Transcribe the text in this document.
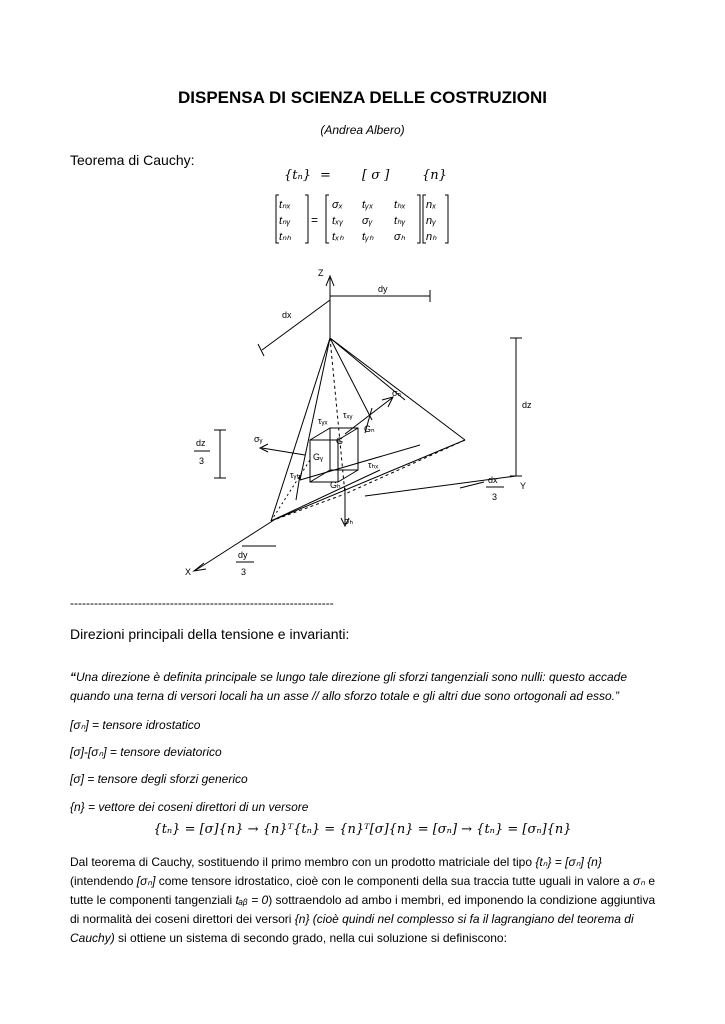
DISPENSA DI SCIENZA DELLE COSTRUZIONI
(Andrea Albero)
Teorema di Cauchy:
{tₙ} = [ σ ]	{n}
tₙₓ
tₙᵧ
tₙₕ
=
σₓ tᵧₓ tₕₓ
tₓᵧ σᵧ tₕᵧ
tₓₕ tᵧₕ σₕ
nₓ
nᵧ
nₕ
Z
Y
X
dy
dx
dz
dz
3
dx
3
dy
3
σₙ
σᵧ
σₕ
G
Gₙ
Gᵧ
Gₕ
τᵧₓ
τₓᵧ
τᵧₕ
τₕₓ
------------------------------------------------------------------
Direzioni principali della tensione e invarianti:
“Una direzione è definita principale se lungo tale direzione gli sforzi tangenziali sono nulli: questo accade quando una terna di versori locali ha un asse // allo sforzo totale e gli altri due sono ortogonali ad esso.”
[σₙ] = tensore idrostatico
[σ]-[σₙ] = tensore deviatorico
[σ] = tensore degli sforzi generico
{n} = vettore dei coseni direttori di un versore
{tₙ} = [σ]{n} → {n}ᵀ{tₙ} = {n}ᵀ[σ]{n} = [σₙ] → {tₙ} = [σₙ]{n}
Dal teorema di Cauchy, sostituendo il primo membro con un prodotto matriciale del tipo {tₙ} = [σₙ] {n} (intendendo [σₙ] come tensore idrostatico, cioè con le componenti della sua traccia tutte uguali in valore a σₙ e tutte le componenti tangenziali tₐᵦ = 0) sottraendolo ad ambo i membri, ed imponendo la condizione aggiuntiva di normalità dei coseni direttori dei versori {n} (cioè quindi nel complesso si fa il lagrangiano del teorema di Cauchy) si ottiene un sistema di secondo grado, nella cui soluzione si definiscono:
